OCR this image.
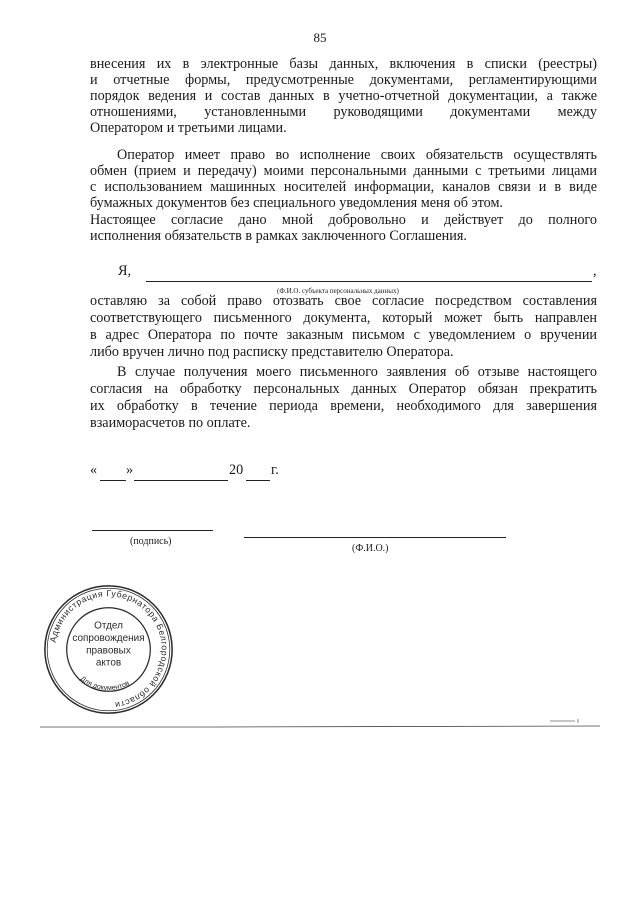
85
внесения их в электронные базы данных, включения в списки (реестры)
и отчетные формы, предусмотренные документами, регламентирующими
порядок ведения и состав данных в учетно-отчетной документации, а также
отношениями, установленными руководящими документами между
Оператором и третьими лицами.
Оператор имеет право во исполнение своих обязательств осуществлять
обмен (прием и передачу) моими персональными данными с третьими лицами
с использованием машинных носителей информации, каналов связи и в виде
бумажных документов без специального уведомления меня об этом.
Настоящее согласие дано мной добровольно и действует до полного
исполнения обязательств в рамках заключенного Соглашения.
Я,	,
(Ф.И.О. субъекта персональных данных)
оставляю за собой право отозвать свое согласие посредством составления
соответствующего письменного документа, который может быть направлен
в адрес Оператора по почте заказным письмом с уведомлением о вручении
либо вручен лично под расписку представителю Оператора.
В случае получения моего письменного заявления об отзыве настоящего
согласия на обработку персональных данных Оператор обязан прекратить
их обработку в течение периода времени, необходимого для завершения
взаиморасчетов по оплате.
« »	20 г.
(подпись)
(Ф.И.О.)
Администрация Губернатора Белгородской области
Для документов
Отдел
сопровождения
правовых
актов
